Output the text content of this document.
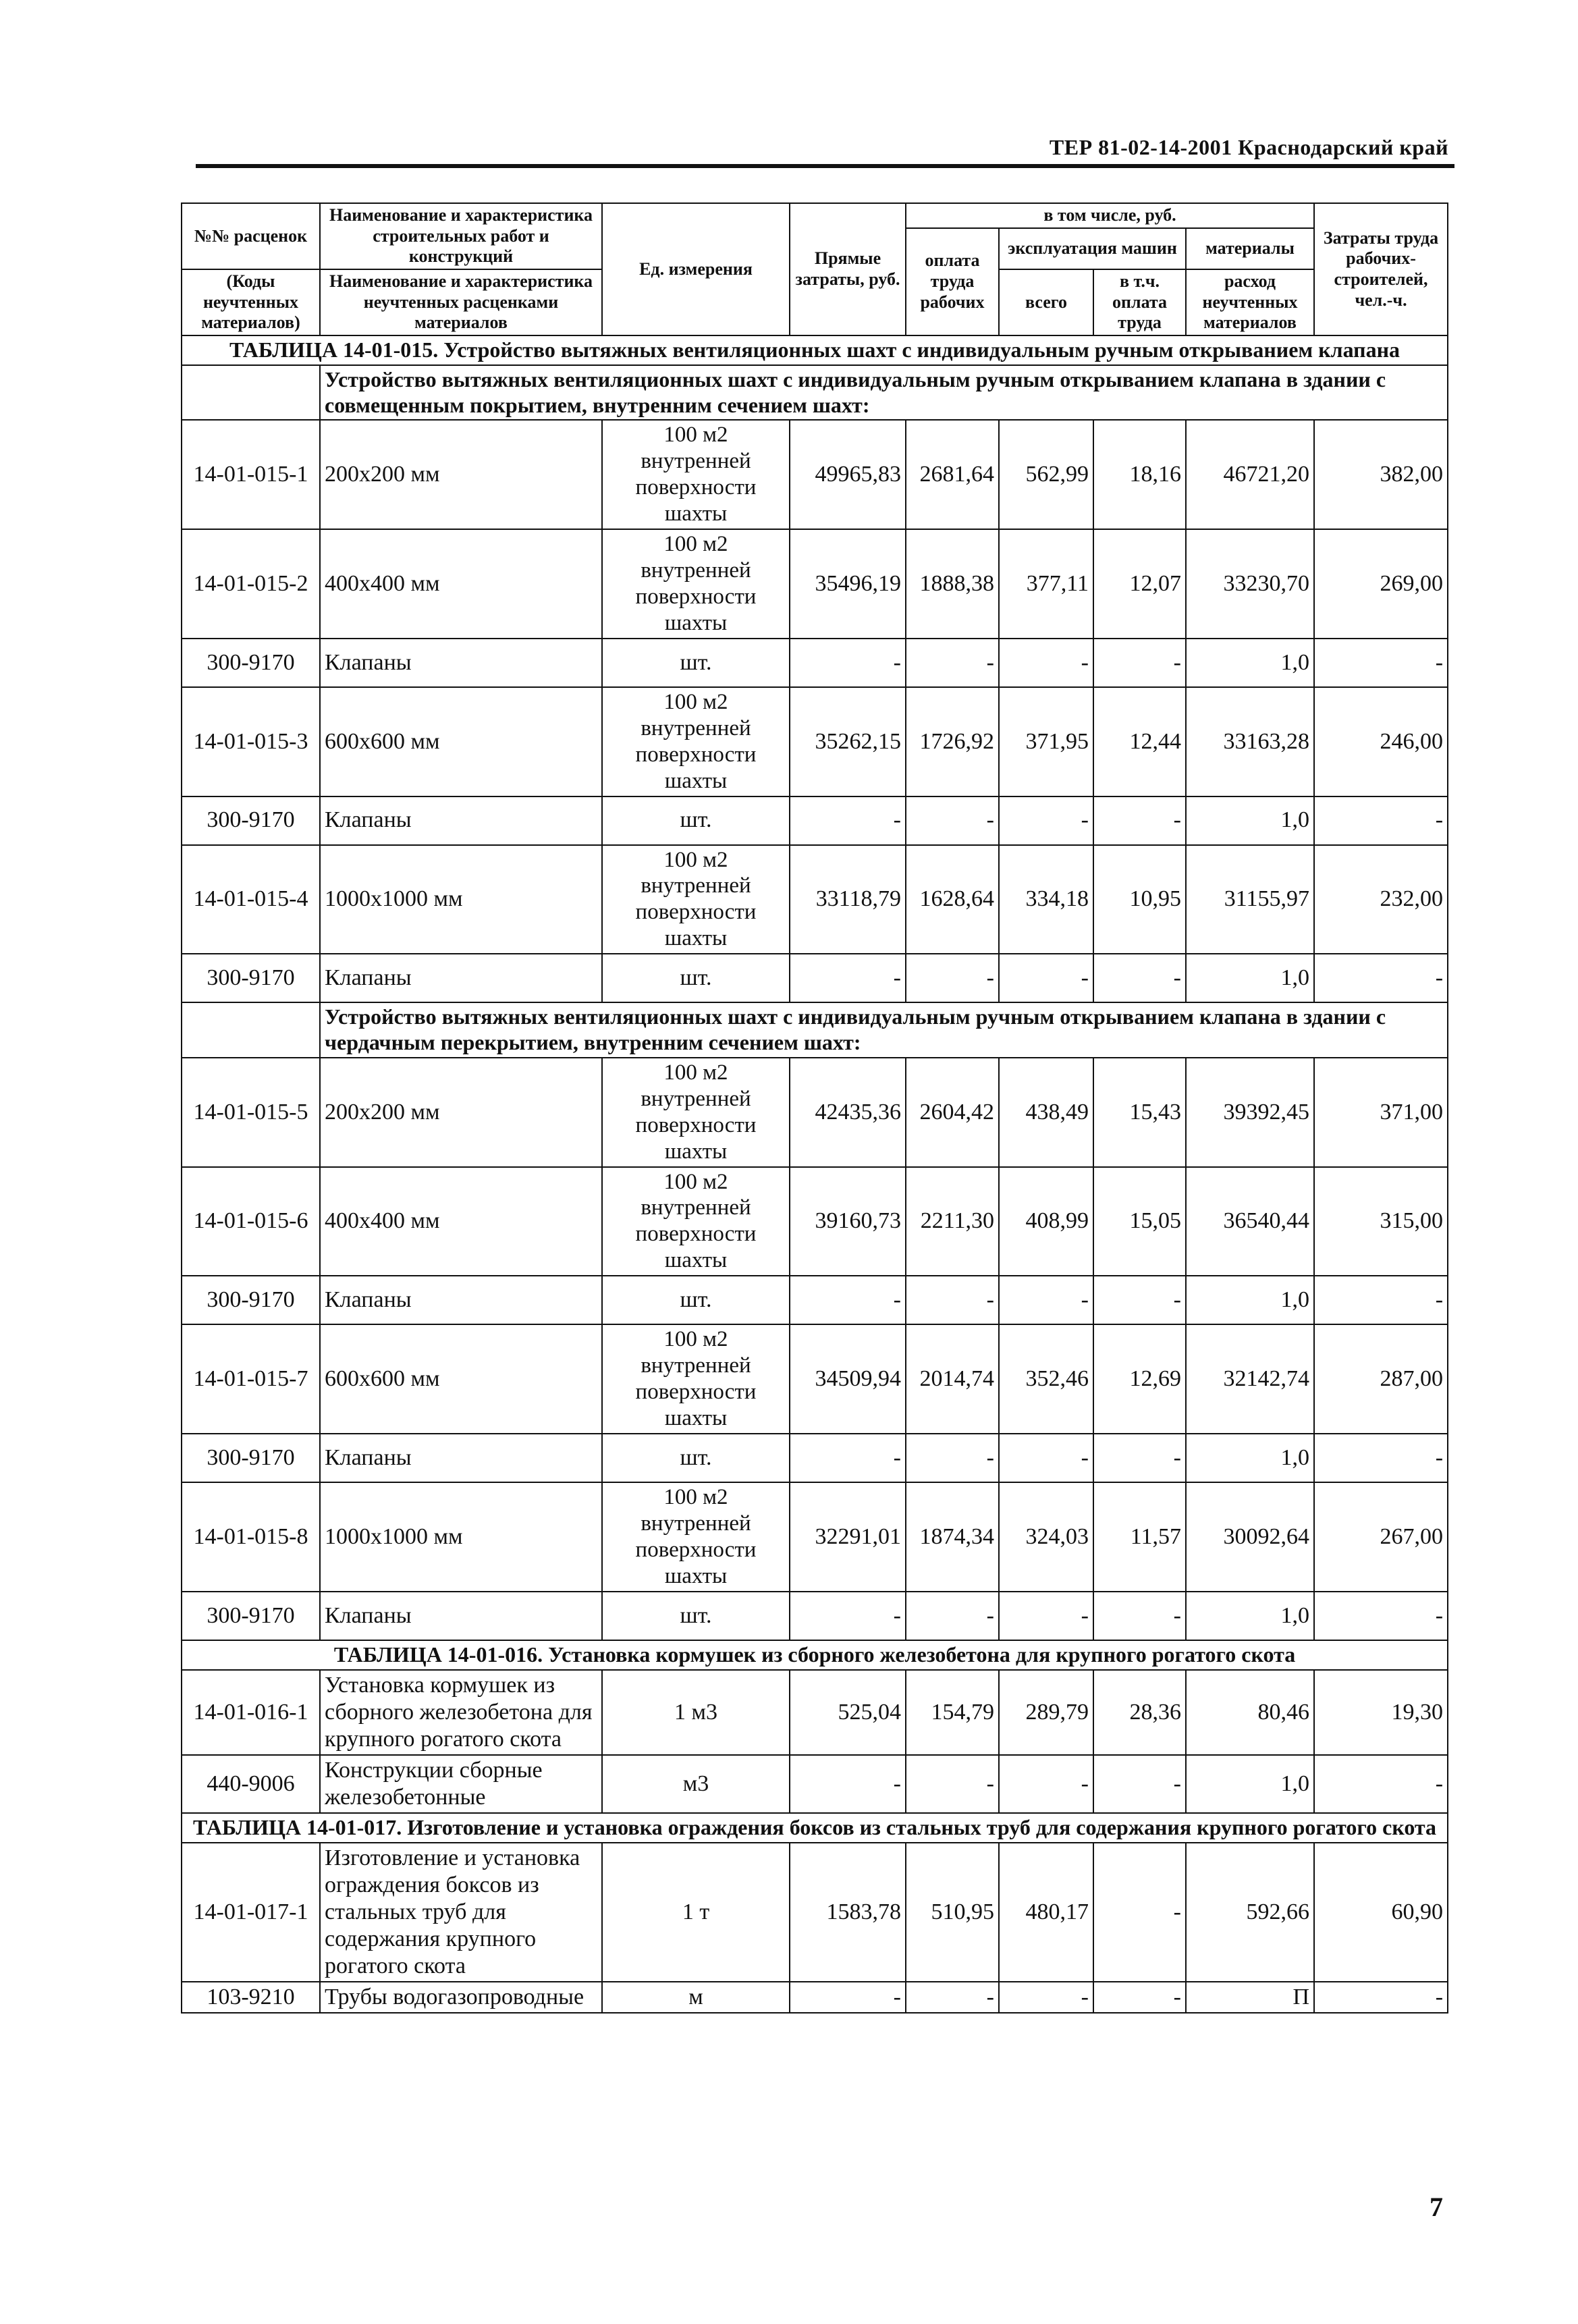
ТЕР 81-02-14-2001 Краснодарский край
№№ расценок	Наименование и характеристика строительных работ и конструкций	Ед. измерения	Прямые затраты, руб.	в том числе, руб.				Затраты труда рабочих-строителей, чел.-ч.
				оплата труда рабочих	эксплуатация машин		материалы	
(Коды неучтенных материалов)	Наименование и характеристика неучтенных расценками материалов				всего	в т.ч. оплата труда	расход неучтенных материалов	

ТАБЛИЦА 14-01-015. Устройство вытяжных вентиляционных шахт с индивидуальным ручным открыванием клапана								
	Устройство вытяжных вентиляционных шахт с индивидуальным ручным открыванием клапана в здании с совмещенным покрытием, внутренним сечением шахт:							
14-01-015-1	200х200 мм	100 м2 внутренней поверхности шахты	49965,83	2681,64	562,99	18,16	46721,20	382,00
14-01-015-2	400х400 мм	100 м2 внутренней поверхности шахты	35496,19	1888,38	377,11	12,07	33230,70	269,00
300-9170	Клапаны	шт.	-	-	-	-	1,0	-
14-01-015-3	600х600 мм	100 м2 внутренней поверхности шахты	35262,15	1726,92	371,95	12,44	33163,28	246,00
300-9170	Клапаны	шт.	-	-	-	-	1,0	-
14-01-015-4	1000х1000 мм	100 м2 внутренней поверхности шахты	33118,79	1628,64	334,18	10,95	31155,97	232,00
300-9170	Клапаны	шт.	-	-	-	-	1,0	-
	Устройство вытяжных вентиляционных шахт с индивидуальным ручным открыванием клапана в здании с чердачным перекрытием, внутренним сечением шахт:							
14-01-015-5	200х200 мм	100 м2 внутренней поверхности шахты	42435,36	2604,42	438,49	15,43	39392,45	371,00
14-01-015-6	400х400 мм	100 м2 внутренней поверхности шахты	39160,73	2211,30	408,99	15,05	36540,44	315,00
300-9170	Клапаны	шт.	-	-	-	-	1,0	-
14-01-015-7	600х600 мм	100 м2 внутренней поверхности шахты	34509,94	2014,74	352,46	12,69	32142,74	287,00
300-9170	Клапаны	шт.	-	-	-	-	1,0	-
14-01-015-8	1000х1000 мм	100 м2 внутренней поверхности шахты	32291,01	1874,34	324,03	11,57	30092,64	267,00
300-9170	Клапаны	шт.	-	-	-	-	1,0	-
ТАБЛИЦА 14-01-016. Установка кормушек из сборного железобетона для крупного рогатого скота								
14-01-016-1	Установка кормушек из сборного железобетона для крупного рогатого скота	1 м3	525,04	154,79	289,79	28,36	80,46	19,30
440-9006	Конструкции сборные железобетонные	м3	-	-	-	-	1,0	-
ТАБЛИЦА 14-01-017. Изготовление и установка ограждения боксов из стальных труб для содержания крупного рогатого скота								
14-01-017-1	Изготовление и установка ограждения боксов из стальных труб для содержания крупного рогатого скота	1 т	1583,78	510,95	480,17	-	592,66	60,90
103-9210	Трубы водогазопроводные	м	-	-	-	-	П	-
7
